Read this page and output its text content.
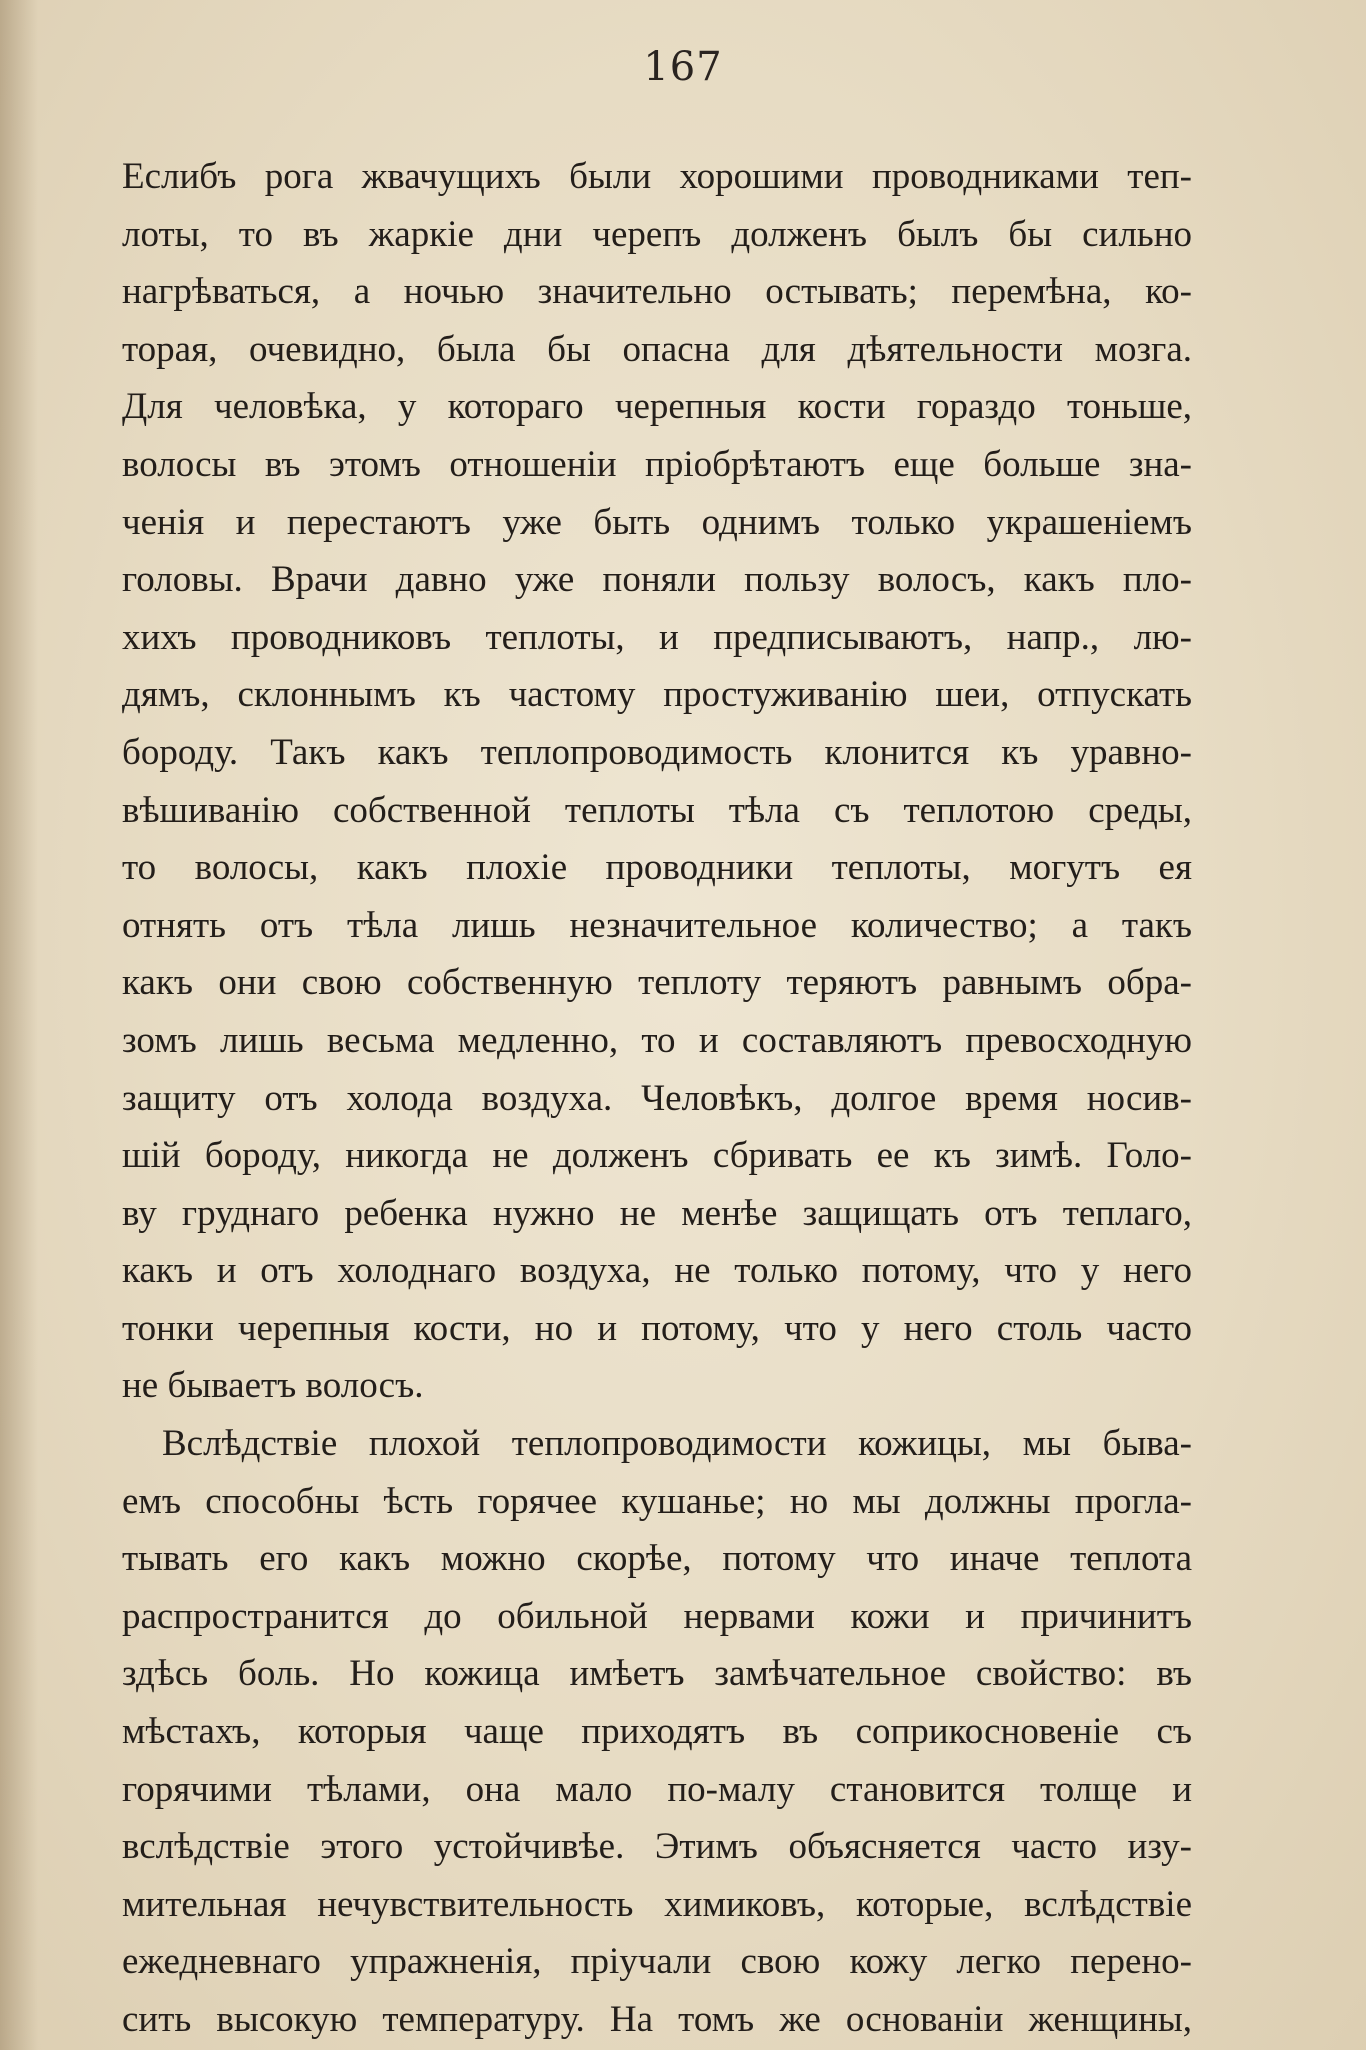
167
Еслибъ рога жвачущихъ были хорошими проводниками теп-
лоты, то въ жаркіе дни черепъ долженъ былъ бы сильно
нагрѣваться, а ночью значительно остывать; перемѣна, ко-
торая, очевидно, была бы опасна для дѣятельности мозга.
Для человѣка, у котораго черепныя кости гораздо тоньше,
волосы въ этомъ отношеніи пріобрѣтаютъ еще больше зна-
ченія и перестаютъ уже быть однимъ только украшеніемъ
головы. Врачи давно уже поняли пользу волосъ, какъ пло-
хихъ проводниковъ теплоты, и предписываютъ, напр., лю-
дямъ, склоннымъ къ частому простуживанію шеи, отпускать
бороду. Такъ какъ теплопроводимость клонится къ уравно-
вѣшиванію собственной теплоты тѣла съ теплотою среды,
то волосы, какъ плохіе проводники теплоты, могутъ ея
отнять отъ тѣла лишь незначительное количество; а такъ
какъ они свою собственную теплоту теряютъ равнымъ обра-
зомъ лишь весьма медленно, то и составляютъ превосходную
защиту отъ холода воздуха. Человѣкъ, долгое время носив-
шій бороду, никогда не долженъ сбривать ее къ зимѣ. Голо-
ву груднаго ребенка нужно не менѣе защищать отъ теплаго,
какъ и отъ холоднаго воздуха, не только потому, что у него
тонки черепныя кости, но и потому, что у него столь часто
не бываетъ волосъ.
Вслѣдствіе плохой теплопроводимости кожицы, мы быва-
емъ способны ѣсть горячее кушанье; но мы должны прогла-
тывать его какъ можно скорѣе, потому что иначе теплота
распространится до обильной нервами кожи и причинитъ
здѣсь боль. Но кожица имѣетъ замѣчательное свойство: въ
мѣстахъ, которыя чаще приходятъ въ соприкосновеніе съ
горячими тѣлами, она мало по-малу становится толще и
вслѣдствіе этого устойчивѣе. Этимъ объясняется часто изу-
мительная нечувствительность химиковъ, которые, вслѣдствіе
ежедневнаго упражненія, пріучали свою кожу легко перено-
сить высокую температуру. На томъ же основаніи женщины,
